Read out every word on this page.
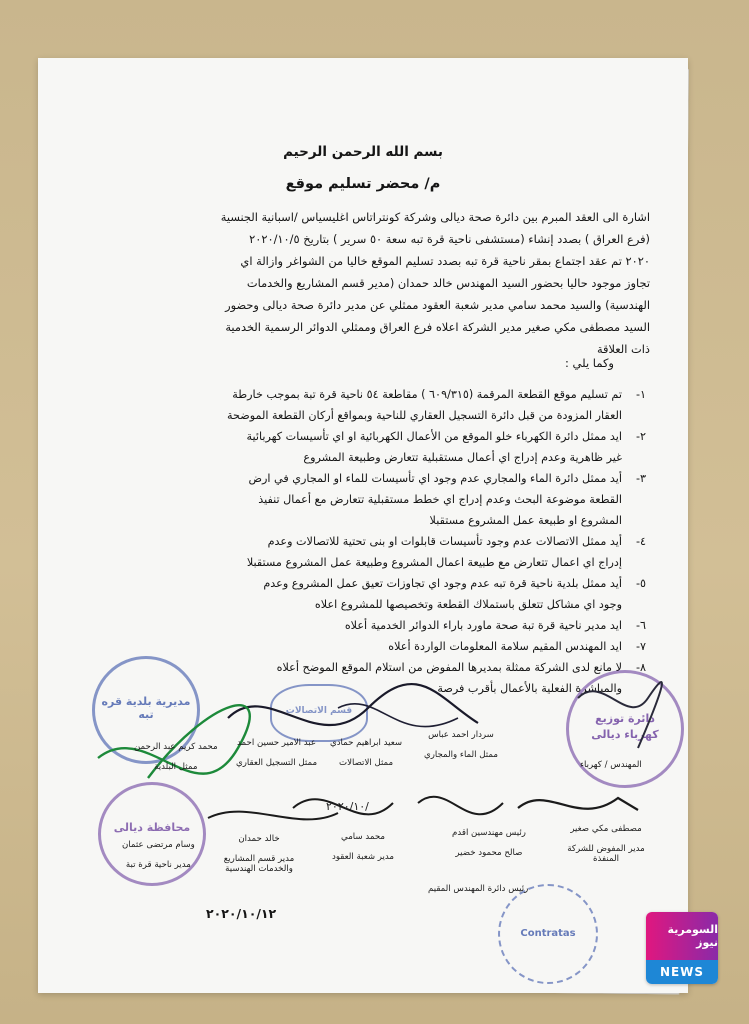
بسم الله الرحمن الرحيم
م/ محضر تسليم موقع

اشارة الى العقد المبرم بين دائرة صحة ديالى وشركة كونتراتاس اغليسياس /اسبانية الجنسية

(فرع العراق ) بصدد إنشاء (مستشفى ناحية قرة تبه سعة ٥٠ سرير ) بتاريخ ٢٠٢٠/١٠/٥

٢٠٢٠ تم عقد اجتماع بمقر ناحية قرة تبه بصدد تسليم الموقع خاليا من الشواغر وازالة اي

تجاوز موجود حاليا بحضور السيد المهندس خالد حمدان (مدير قسم المشاريع والخدمات

الهندسية) والسيد محمد سامي مدير شعبة العقود ممثلي عن مدير دائرة صحة ديالى وحضور

السيد مصطفى مكي صغير مدير الشركة اعلاه فرع العراق وممثلي الدوائر الرسمية الخدمية

ذات العلاقة

وكما يلي :
١-
تم تسليم موقع القطعة المرقمة (٦٠٩/٣١٥ ) مقاطعة ٥٤ ناحية قرة تبة بموجب خارطة
العقار المزودة من قبل دائرة التسجيل العقاري للناحية وبمواقع أركان القطعة الموضحة
٢-
ايد ممثل دائرة الكهرباء خلو الموقع من الأعمال الكهربائية او اي تأسيسات كهربائية
غير ظاهرية وعدم إدراج اي أعمال مستقبلية تتعارض وطبيعة المشروع
٣-
أيد ممثل دائرة الماء والمجاري عدم وجود اي تأسيسات للماء او المجاري في ارض
القطعة موضوعة البحث وعدم إدراج اي خطط مستقبلية تتعارض مع أعمال تنفيذ
المشروع او طبيعة عمل المشروع مستقبلا
٤-
أيد ممثل الاتصالات عدم وجود تأسيسات قابلوات او بنى تحتية للاتصالات وعدم
إدراج اي اعمال تتعارض مع طبيعة اعمال المشروع وطبيعة عمل المشروع مستقبلا
٥-
أيد ممثل بلدية ناحية قرة تبه عدم وجود اي تجاوزات تعيق عمل المشروع وعدم
وجود اي مشاكل تتعلق باستملاك القطعة وتخصيصها للمشروع اعلاه
٦-
ايد مدير ناحية قرة تبة صحة ماورد باراء الدوائر الخدمية أعلاه
٧-
ايد المهندس المقيم سلامة المعلومات الواردة أعلاه
٨-
لا مانع لدى الشركة ممثلة بمديرها المفوض من استلام الموقع الموضح أعلاه
والمباشرة الفعلية بالأعمال بأقرب فرصة
مديرية بلدية قره تبه
محافظة ديالى
دائرة توزيع كهرباء ديالى
قسم الاتصالات
Contratas
سردار احمد عباس
ممثل الماء والمجاري
سعيد ابراهيم حمادي
ممثل الاتصالات
عبد الامير حسين احمد
ممثل التسجيل العقاري
محمد كريم عبد الرحمن
ممثل البلدية	المهندس / كهرباء
٢٠٢٠/١٠/
مصطفى مكي صغير
مدير المفوض للشركة المنفذة
رئيس مهندسين اقدم
صالح محمود خضير
محمد سامي
مدير شعبة العقود
خالد حمدان
مدير قسم المشاريع والخدمات الهندسية
وسام مرتضى عثمان
مدير ناحية قرة تبة
رئيس دائرة المهندس المقيم
٢٠٢٠/١٠/١٢
السومرية نيوز
NEWS
